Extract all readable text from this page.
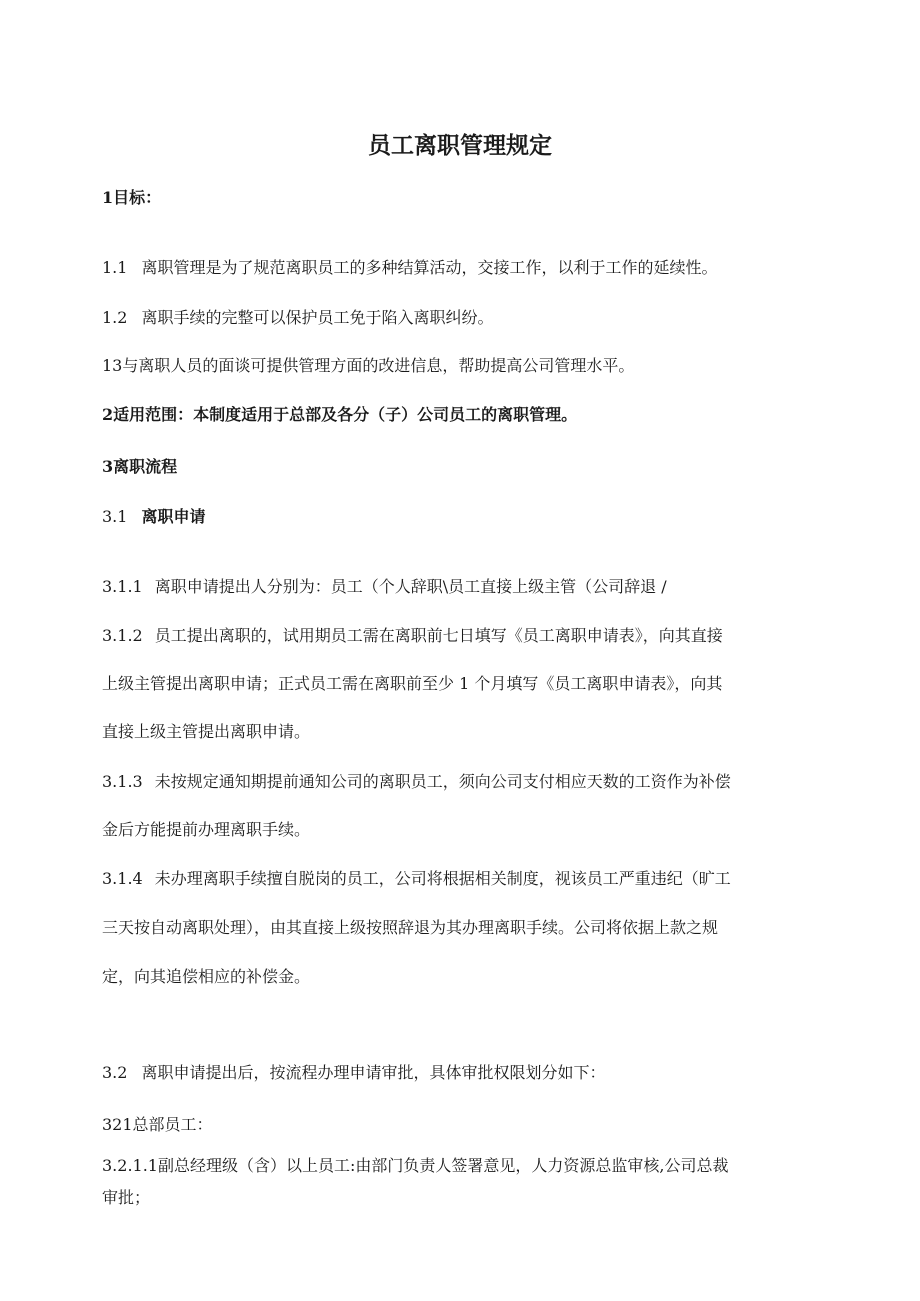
员工离职管理规定

1目标：

1.1 离职管理是为了规范离职员工的多种结算活动，交接工作，以利于工作的延续性。

1.2 离职手续的完整可以保护员工免于陷入离职纠纷。

13与离职人员的面谈可提供管理方面的改进信息，帮助提高公司管理水平。

2适用范围：本制度适用于总部及各分（子）公司员工的离职管理。

3离职流程

3.1 离职申请

3.1.1 离职申请提出人分别为：员工（个人辞职\员工直接上级主管（公司辞退 /

3.1.2 员工提出离职的，试用期员工需在离职前七日填写《员工离职申请表》，向其直接

上级主管提出离职申请；正式员工需在离职前至少 1 个月填写《员工离职申请表》，向其

直接上级主管提出离职申请。

3.1.3 未按规定通知期提前通知公司的离职员工，须向公司支付相应天数的工资作为补偿

金后方能提前办理离职手续。

3.1.4 未办理离职手续擅自脱岗的员工，公司将根据相关制度，视该员工严重违纪（旷工

三天按自动离职处理），由其直接上级按照辞退为其办理离职手续。公司将依据上款之规

定，向其追偿相应的补偿金。

3.2 离职申请提出后，按流程办理申请审批，具体审批权限划分如下：

321总部员工：

3.2.1.1副总经理级（含）以上员工:由部门负责人签署意见，人力资源总监审核,公司总裁

审批；
